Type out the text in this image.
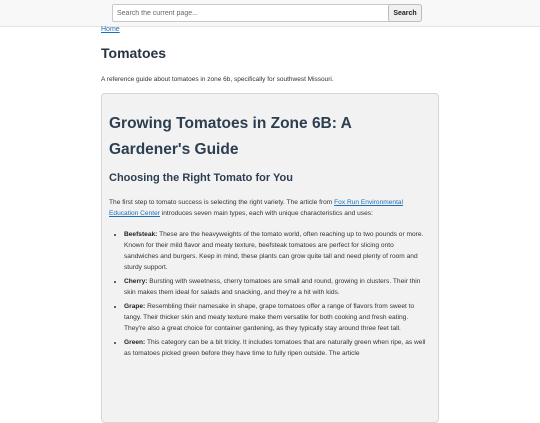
Search the current page...
Search
Home
Tomatoes

A reference guide about tomatoes in zone 6b, specifically for southwest Missouri.

Growing Tomatoes in Zone 6B: A Gardener's Guide
Choosing the Right Tomato for You

The first step to tomato success is selecting the right variety. The article from Fox Run Environmental Education Center introduces seven main types, each with unique characteristics and uses:

• Beefsteak: These are the heavyweights of the tomato world, often reaching up to two pounds or more. Known for their mild flavor and meaty texture, beefsteak tomatoes are perfect for slicing onto sandwiches and burgers. Keep in mind, these plants can grow quite tall and need plenty of room and sturdy support.
• Cherry: Bursting with sweetness, cherry tomatoes are small and round, growing in clusters. Their thin skin makes them ideal for salads and snacking, and they're a hit with kids.
• Grape: Resembling their namesake in shape, grape tomatoes offer a range of flavors from sweet to tangy. Their thicker skin and meaty texture make them versatile for both cooking and fresh eating. They're also a great choice for container gardening, as they typically stay around three feet tall.
• Green: This category can be a bit tricky. It includes tomatoes that are naturally green when ripe, as well as tomatoes picked green before they have time to fully ripen outside. The article
